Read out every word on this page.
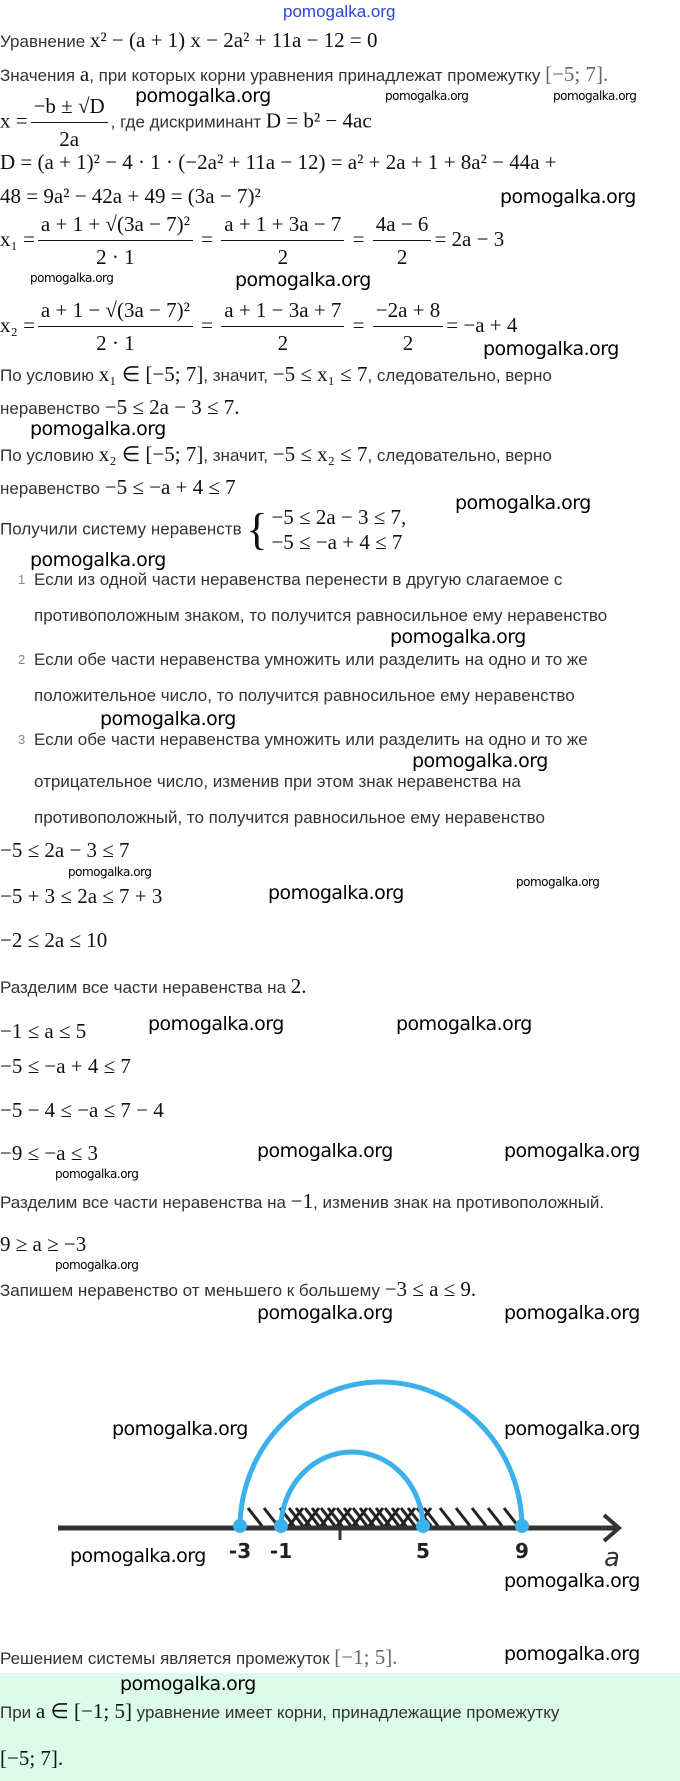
pomogalka.org
Уравнение x² − (a + 1) x − 2a² + 11a − 12 = 0
Значения a, при которых корни уравнения принадлежат промежутку [−5; 7].
$x = \frac{-b \pm √D}{2a}$ , где дискриминант D = b² − 4ac
D = (a + 1)² − 4 · 1 · (−2a² + 11a − 12) = a² + 2a + 1 + 8a² − 44a +
48 = 9a² − 42a + 49 = (3a − 7)²
$x_1 = \frac{\text{a + 1 + √(3a − 7)²}}{2 \cdot 1} = \frac{a + 1 + 3a - 7}{2} = \frac{4a - 6}{2} = 2a - 3$
$x_2 = \frac{\text{a + 1 − √(3a − 7)²}}{2 \cdot 1} = \frac{a + 1 - 3a + 7}{2} = \frac{-2a + 8}{2} = -a + 4$
По условию x₁ ∈ [−5; 7], значит, −5 ≤ x₁ ≤ 7, следовательно, верно
неравенство −5 ≤ 2a − 3 ≤ 7.
По условию x₂ ∈ [−5; 7], значит, −5 ≤ x₂ ≤ 7, следовательно, верно
неравенство −5 ≤ −a + 4 ≤ 7
Получили систему неравенств { −5 ≤ 2a − 3 ≤ 7,
−5 ≤ −a + 4 ≤ 7
1 Если из одной части неравенства перенести в другую слагаемое с
противоположным знаком, то получится равносильное ему неравенство
2 Если обе части неравенства умножить или разделить на одно и то же
положительное число, то получится равносильное ему неравенство
3 Если обе части неравенства умножить или разделить на одно и то же
отрицательное число, изменив при этом знак неравенства на
противоположный, то получится равносильное ему неравенство
−5 ≤ 2a − 3 ≤ 7
−5 + 3 ≤ 2a ≤ 7 + 3
−2 ≤ 2a ≤ 10
Разделим все части неравенства на 2.
−1 ≤ a ≤ 5
−5 ≤ −a + 4 ≤ 7
−5 − 4 ≤ −a ≤ 7 − 4
−9 ≤ −a ≤ 3
Разделим все части неравенства на −1, изменив знак на противоположный.
9 ≥ a ≥ −3
Запишем неравенство от меньшего к большему −3 ≤ a ≤ 9.
-3 -1	5	9	a
Решением системы является промежуток [−1; 5].
При a ∈ [−1; 5] уравнение имеет корни, принадлежащие промежутку
[−5; 7].
pomogalka.org	pomogalka.org	pomogalka.org
pomogalka.org
pomogalka.org	pomogalka.org
pomogalka.org
pomogalka.org
pomogalka.org
pomogalka.org
pomogalka.org
pomogalka.org
pomogalka.org
pomogalka.org
pomogalka.org	pomogalka.org
pomogalka.org	pomogalka.org
pomogalka.org
pomogalka.org	pomogalka.org
pomogalka.org
pomogalka.org	pomogalka.org
pomogalka.org	pomogalka.org
pomogalka.org
pomogalka.org
pomogalka.org
pomogalka.org
